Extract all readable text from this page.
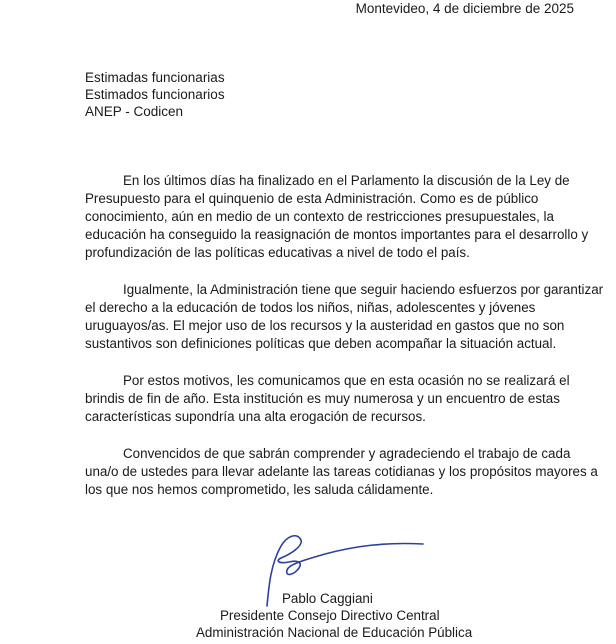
Montevideo, 4 de diciembre de 2025
Estimadas funcionarias
Estimados funcionarios
ANEP - Codicen

En los últimos días ha finalizado en el Parlamento la discusión de la Ley de Presupuesto para el quinquenio de esta Administración. Como es de público conocimiento, aún en medio de un contexto de restricciones presupuestales, la educación ha conseguido la reasignación de montos importantes para el desarrollo y profundización de las políticas educativas a nivel de todo el país.

Igualmente, la Administración tiene que seguir haciendo esfuerzos por garantizar el derecho a la educación de todos los niños, niñas, adolescentes y jóvenes uruguayos/as. El mejor uso de los recursos y la austeridad en gastos que no son sustantivos son definiciones políticas que deben acompañar la situación actual.

Por estos motivos, les comunicamos que en esta ocasión no se realizará el brindis de fin de año. Esta institución es muy numerosa y un encuentro de estas características supondría una alta erogación de recursos.

Convencidos de que sabrán comprender y agradeciendo el trabajo de cada una/o de ustedes para llevar adelante las tareas cotidianas y los propósitos mayores a los que nos hemos comprometido, les saluda cálidamente.

Pablo Caggiani
Presidente Consejo Directivo Central
Administración Nacional de Educación Pública
